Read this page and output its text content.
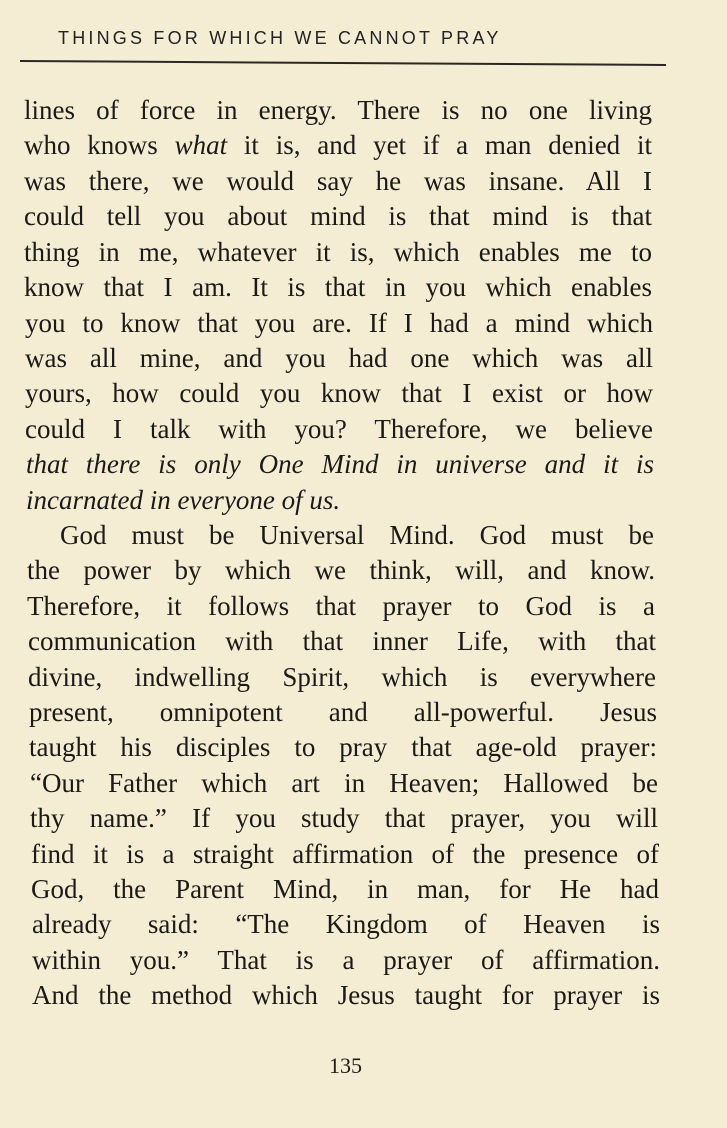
THINGS FOR WHICH WE CANNOT PRAY
lines of force in energy. There is no one living
who knows what it is, and yet if a man denied it
was there, we would say he was insane. All I
could tell you about mind is that mind is that
thing in me, whatever it is, which enables me to
know that I am. It is that in you which enables
you to know that you are. If I had a mind which
was all mine, and you had one which was all
yours, how could you know that I exist or how
could I talk with you? Therefore, we believe
that there is only One Mind in universe and it is
incarnated in everyone of us.
God must be Universal Mind. God must be
the power by which we think, will, and know.
Therefore, it follows that prayer to God is a
communication with that inner Life, with that
divine, indwelling Spirit, which is everywhere
present, omnipotent and all-powerful. Jesus
taught his disciples to pray that age-old prayer:
“Our Father which art in Heaven; Hallowed be
thy name.” If you study that prayer, you will
find it is a straight affirmation of the presence of
God, the Parent Mind, in man, for He had
already said: “The Kingdom of Heaven is
within you.” That is a prayer of affirmation.
And the method which Jesus taught for prayer is
135
